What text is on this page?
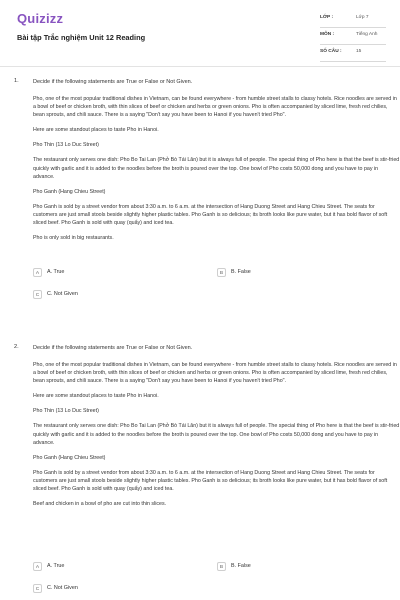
Quizizz
Bài tập Trắc nghiệm Unit 12 Reading
LỚP :	Lớp 7
MÔN :	Tiếng Anh
SỐ CÂU :	15
1.	Decide if the following statements are True or False or Not Given.

Pho, one of the most popular traditional dishes in Vietnam, can be found everywhere - from humble street stalls to classy hotels. Rice noodles are served in a bowl of beef or chicken broth, with thin slices of beef or chicken and herbs or green onions. Pho is often accompanied by sliced lime, fresh red chilies, bean sprouts, and chili sauce. There is a saying "Don't say you have been to Hanoi if you haven't tried Pho".

Here are some standout places to taste Pho in Hanoi.

Pho Thin (13 Lo Duc Street)

The restaurant only serves one dish: Pho Bo Tai Lan (Phở Bò Tái Lăn) but it is always full of people. The special thing of Pho here is that the beef is stir-fried quickly with garlic and it is added to the noodles before the broth is poured over the top. One bowl of Pho costs 50,000 dong and you have to pay in advance.

Pho Ganh (Hang Chieu Street)

Pho Ganh is sold by a street vendor from about 3:30 a.m. to 6 a.m. at the intersection of Hang Duong Street and Hang Chieu Street. The seats for customers are just small stools beside slightly higher plastic tables. Pho Ganh is so delicious; its broth looks like pure water, but it has bold flavor of soft sliced beef. Pho Ganh is sold with quay (quẩy) and iced tea.

Pho is only sold in big restaurants.

A	A. True	B	B. False
C	C. Not Given
2.	Decide if the following statements are True or False or Not Given.

Pho, one of the most popular traditional dishes in Vietnam, can be found everywhere - from humble street stalls to classy hotels. Rice noodles are served in a bowl of beef or chicken broth, with thin slices of beef or chicken and herbs or green onions. Pho is often accompanied by sliced lime, fresh red chilies, bean sprouts, and chili sauce. There is a saying "Don't say you have been to Hanoi if you haven't tried Pho".

Here are some standout places to taste Pho in Hanoi.

Pho Thin (13 Lo Duc Street)

The restaurant only serves one dish: Pho Bo Tai Lan (Phở Bò Tái Lăn) but it is always full of people. The special thing of Pho here is that the beef is stir-fried quickly with garlic and it is added to the noodles before the broth is poured over the top. One bowl of Pho costs 50,000 dong and you have to pay in advance.

Pho Ganh (Hang Chieu Street)

Pho Ganh is sold by a street vendor from about 3:30 a.m. to 6 a.m. at the intersection of Hang Duong Street and Hang Chieu Street. The seats for customers are just small stools beside slightly higher plastic tables. Pho Ganh is so delicious; its broth looks like pure water, but it has bold flavor of soft sliced beef. Pho Ganh is sold with quay (quẩy) and iced tea.

Beef and chicken in a bowl of pho are cut into thin slices.

A	A. True	B	B. False
C	C. Not Given
